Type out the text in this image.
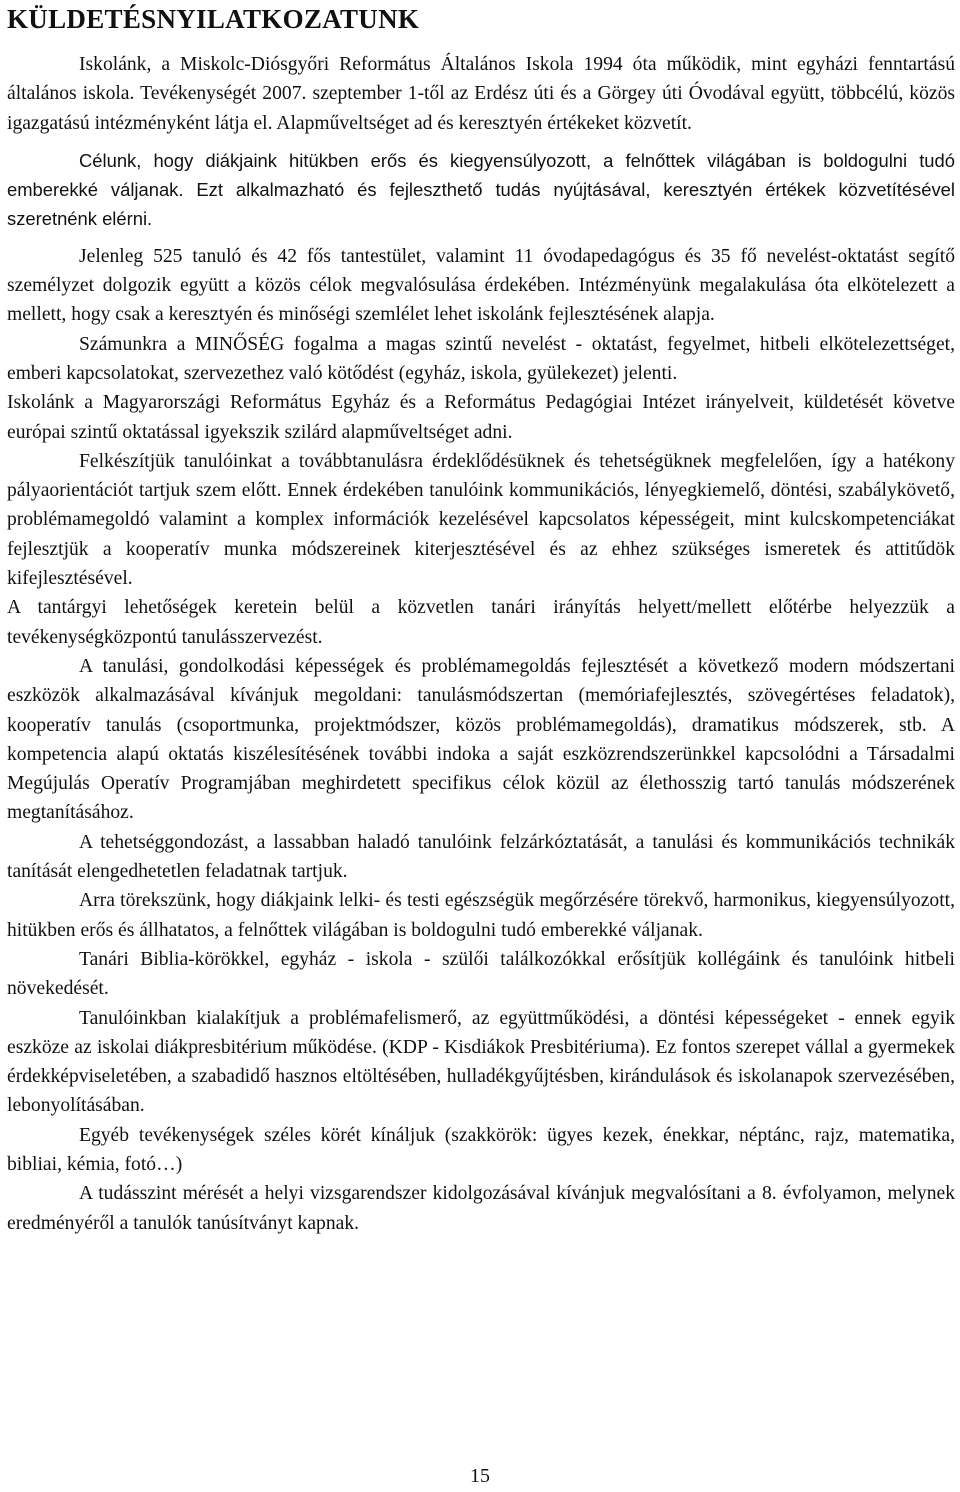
KÜLDETÉSNYILATKOZATUNK

Iskolánk, a Miskolc-Diósgyőri Református Általános Iskola 1994 óta működik, mint egyházi fenntartású általános iskola. Tevékenységét 2007. szeptember 1-től az Erdész úti és a Görgey úti Óvodával együtt, többcélú, közös igazgatású intézményként látja el. Alapműveltséget ad és keresztyén értékeket közvetít.

Célunk, hogy diákjaink hitükben erős és kiegyensúlyozott, a felnőttek világában is boldogulni tudó emberekké váljanak. Ezt alkalmazható és fejleszthető tudás nyújtásával, keresztyén értékek közvetítésével szeretnénk elérni.

Jelenleg 525 tanuló és 42 fős tantestület, valamint 11 óvodapedagógus és 35 fő nevelést-oktatást segítő személyzet dolgozik együtt a közös célok megvalósulása érdekében. Intézményünk megalakulása óta elkötelezett a mellett, hogy csak a keresztyén és minőségi szemlélet lehet iskolánk fejlesztésének alapja.

Számunkra a MINŐSÉG fogalma a magas szintű nevelést - oktatást, fegyelmet, hitbeli elkötelezettséget, emberi kapcsolatokat, szervezethez való kötődést (egyház, iskola, gyülekezet) jelenti.

Iskolánk a Magyarországi Református Egyház és a Református Pedagógiai Intézet irányelveit, küldetését követve európai szintű oktatással igyekszik szilárd alapműveltséget adni.

Felkészítjük tanulóinkat a továbbtanulásra érdeklődésüknek és tehetségüknek megfelelően, így a hatékony pályaorientációt tartjuk szem előtt. Ennek érdekében tanulóink kommunikációs, lényegkiemelő, döntési, szabálykövető, problémamegoldó valamint a komplex információk kezelésével kapcsolatos képességeit, mint kulcskompetenciákat fejlesztjük a kooperatív munka módszereinek kiterjesztésével és az ehhez szükséges ismeretek és attitűdök kifejlesztésével.

A tantárgyi lehetőségek keretein belül a közvetlen tanári irányítás helyett/mellett előtérbe helyezzük a tevékenységközpontú tanulásszervezést.

A tanulási, gondolkodási képességek és problémamegoldás fejlesztését a következő modern módszertani eszközök alkalmazásával kívánjuk megoldani: tanulásmódszertan (memóriafejlesztés, szövegértéses feladatok), kooperatív tanulás (csoportmunka, projektmódszer, közös problémamegoldás), dramatikus módszerek, stb. A kompetencia alapú oktatás kiszélesítésének további indoka a saját eszközrendszerünkkel kapcsolódni a Társadalmi Megújulás Operatív Programjában meghirdetett specifikus célok közül az élethosszig tartó tanulás módszerének megtanításához.

A tehetséggondozást, a lassabban haladó tanulóink felzárkóztatását, a tanulási és kommunikációs technikák tanítását elengedhetetlen feladatnak tartjuk.

Arra törekszünk, hogy diákjaink lelki- és testi egészségük megőrzésére törekvő, harmonikus, kiegyensúlyozott, hitükben erős és állhatatos, a felnőttek világában is boldogulni tudó emberekké váljanak.

Tanári Biblia-körökkel, egyház - iskola - szülői találkozókkal erősítjük kollégáink és tanulóink hitbeli növekedését.

Tanulóinkban kialakítjuk a problémafelismerő, az együttműködési, a döntési képességeket - ennek egyik eszköze az iskolai diákpresbitérium működése. (KDP - Kisdiákok Presbitériuma). Ez fontos szerepet vállal a gyermekek érdekképviseletében, a szabadidő hasznos eltöltésében, hulladékgyűjtésben, kirándulások és iskolanapok szervezésében, lebonyolításában.

Egyéb tevékenységek széles körét kínáljuk (szakkörök: ügyes kezek, énekkar, néptánc, rajz, matematika, bibliai, kémia, fotó…)

A tudásszint mérését a helyi vizsgarendszer kidolgozásával kívánjuk megvalósítani a 8. évfolyamon, melynek eredményéről a tanulók tanúsítványt kapnak.

15
